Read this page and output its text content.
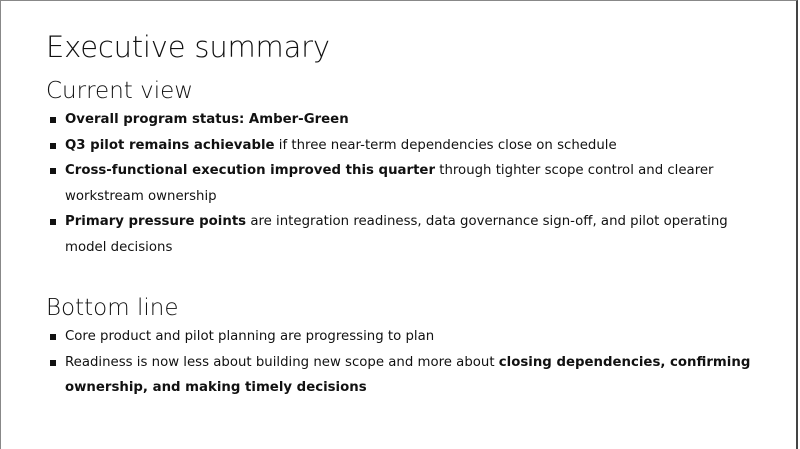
Executive summary
Current view
Overall program status: Amber-Green
Q3 pilot remains achievable if three near-term dependencies close on schedule
Cross-functional execution improved this quarter through tighter scope control and clearer workstream ownership
Primary pressure points are integration readiness, data governance sign-off, and pilot operating model decisions
Bottom line
Core product and pilot planning are progressing to plan
Readiness is now less about building new scope and more about closing dependencies, confirming ownership, and making timely decisions
